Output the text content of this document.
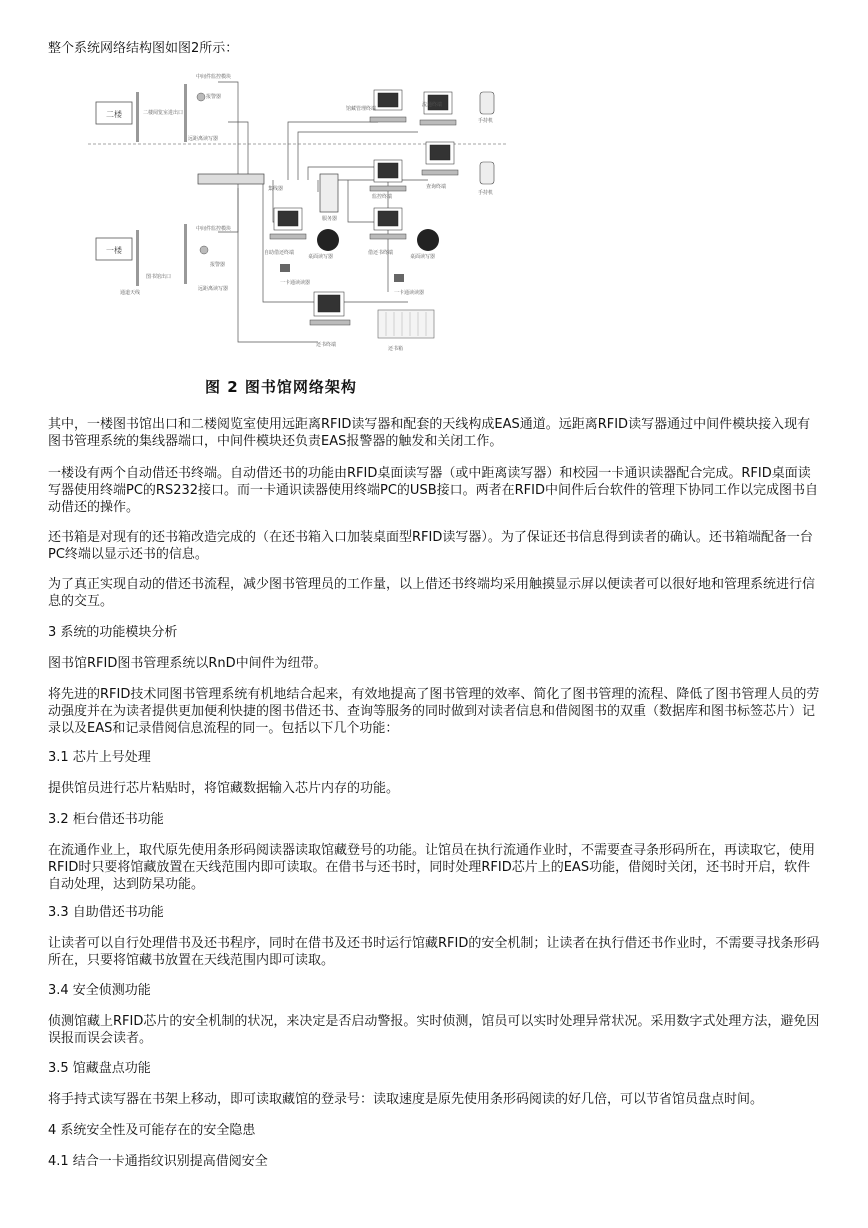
整个系统网络结构图如图2所示：

二楼
一楼
中间件监控模块
报警器
二楼阅览室进出口
远距离读写器
中间件监控模块
报警器
图书馆出口
远距离读写器
通道天线
集线器
服务器
馆藏管理终端
流通终端
查询终端
手持机
手持机
监控终端
自助借还终端
桌面读写器
一卡通读读器
借还书终端
桌面读写器
一卡通读读器
还书终端
还书箱
图 2 图书馆网络架构

其中，一楼图书馆出口和二楼阅览室使用远距离RFID读写器和配套的天线构成EAS通道。远距离RFID读写器通过中间件模块接入现有图书管理系统的集线器端口，中间件模块还负责EAS报警器的触发和关闭工作。

一楼设有两个自动借还书终端。自动借还书的功能由RFID桌面读写器（或中距离读写器）和校园一卡通识读器配合完成。RFID桌面读写器使用终端PC的RS232接口。而一卡通识读器使用终端PC的USB接口。两者在RFID中间件后台软件的管理下协同工作以完成图书自动借还的操作。

还书箱是对现有的还书箱改造完成的（在还书箱入口加装桌面型RFID读写器）。为了保证还书信息得到读者的确认。还书箱端配备一台PC终端以显示还书的信息。

为了真正实现自动的借还书流程，减少图书管理员的工作量，以上借还书终端均采用触摸显示屏以便读者可以很好地和管理系统进行信息的交互。

3 系统的功能模块分析

图书馆RFID图书管理系统以RnD中间件为纽带。

将先进的RFID技术同图书管理系统有机地结合起来，有效地提高了图书管理的效率、简化了图书管理的流程、降低了图书管理人员的劳动强度并在为读者提供更加便利快捷的图书借还书、查询等服务的同时做到对读者信息和借阅图书的双重（数据库和图书标签芯片）记录以及EAS和记录借阅信息流程的同一。包括以下几个功能：

3.1 芯片上号处理

提供馆员进行芯片粘贴时，将馆藏数据输入芯片内存的功能。

3.2 柜台借还书功能

在流通作业上，取代原先使用条形码阅读器读取馆藏登号的功能。让馆员在执行流通作业时，不需要查寻条形码所在，再读取它，使用RFID时只要将馆藏放置在天线范围内即可读取。在借书与还书时，同时处理RFID芯片上的EAS功能，借阅时关闭，还书时开启，软件自动处理，达到防杲功能。

3.3 自助借还书功能

让读者可以自行处理借书及还书程序，同时在借书及还书时运行馆藏RFID的安全机制；让读者在执行借还书作业时，不需要寻找条形码所在，只要将馆藏书放置在天线范围内即可读取。

3.4 安全侦测功能

侦测馆藏上RFID芯片的安全机制的状况，来决定是否启动警报。实时侦测，馆员可以实时处理异常状况。采用数字式处理方法，避免因误报而误会读者。

3.5 馆藏盘点功能

将手持式读写器在书架上移动，即可读取藏馆的登录号：读取速度是原先使用条形码阅读的好几倍，可以节省馆员盘点时间。

4 系统安全性及可能存在的安全隐患

4.1 结合一卡通指纹识别提高借阅安全
